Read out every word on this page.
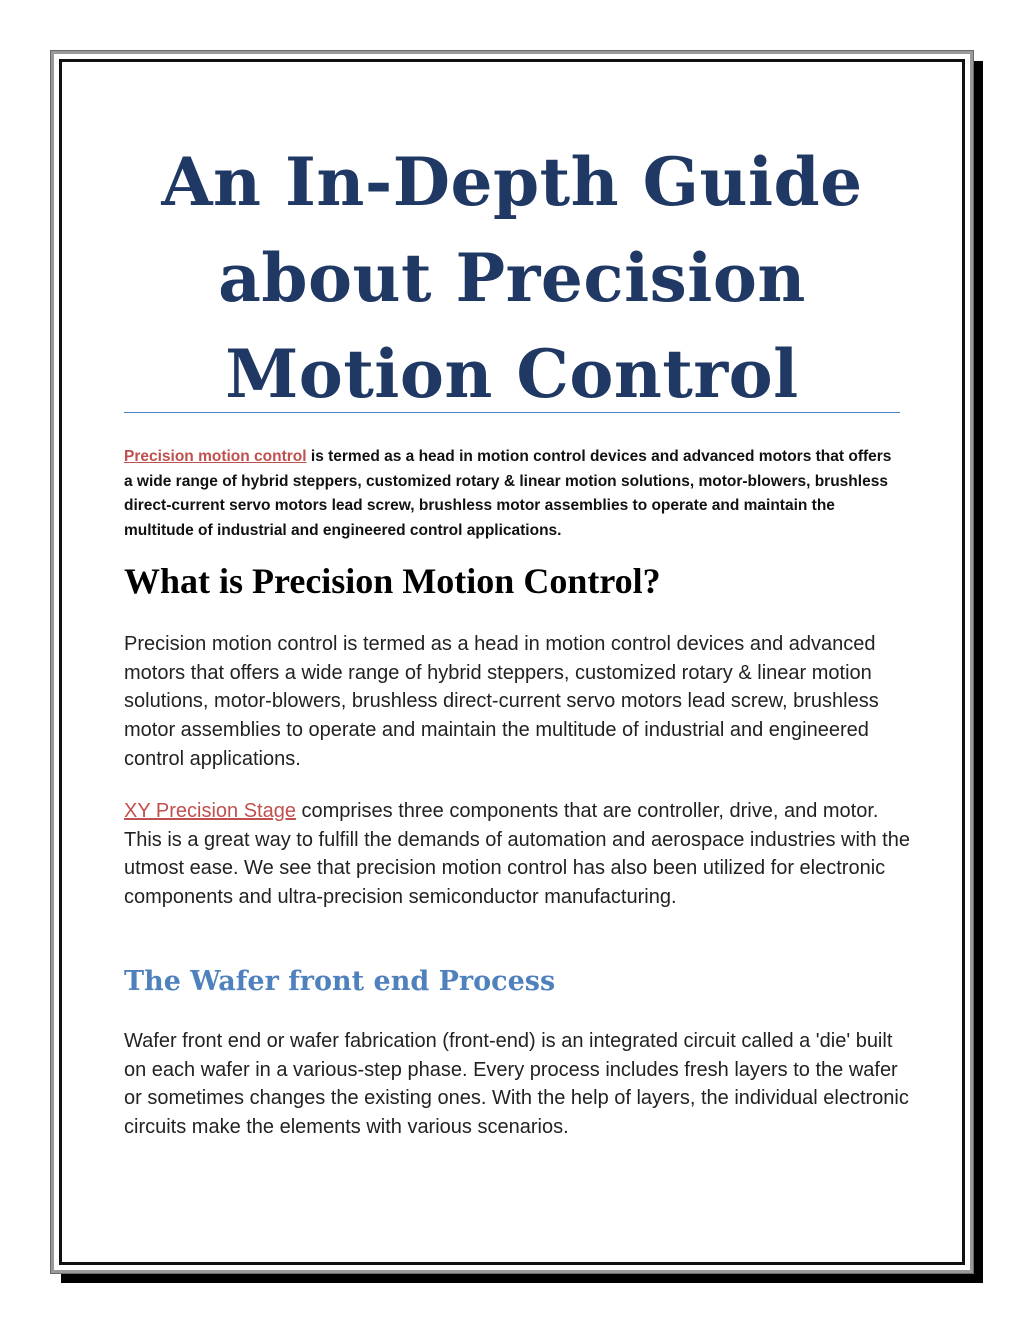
An In-Depth Guide
about Precision
Motion Control

Precision motion control is termed as a head in motion control devices and advanced motors that offers a wide range of hybrid steppers, customized rotary & linear motion solutions, motor-blowers, brushless direct-current servo motors lead screw, brushless motor assemblies to operate and maintain the multitude of industrial and engineered control applications.

What is Precision Motion Control?

Precision motion control is termed as a head in motion control devices and advanced motors that offers a wide range of hybrid steppers, customized rotary & linear motion solutions, motor-blowers, brushless direct-current servo motors lead screw, brushless motor assemblies to operate and maintain the multitude of industrial and engineered control applications.

XY Precision Stage comprises three components that are controller, drive, and motor. This is a great way to fulfill the demands of automation and aerospace industries with the utmost ease. We see that precision motion control has also been utilized for electronic components and ultra-precision semiconductor manufacturing.

The Wafer front end Process

Wafer front end or wafer fabrication (front-end) is an integrated circuit called a 'die' built on each wafer in a various-step phase. Every process includes fresh layers to the wafer or sometimes changes the existing ones. With the help of layers, the individual electronic circuits make the elements with various scenarios.
